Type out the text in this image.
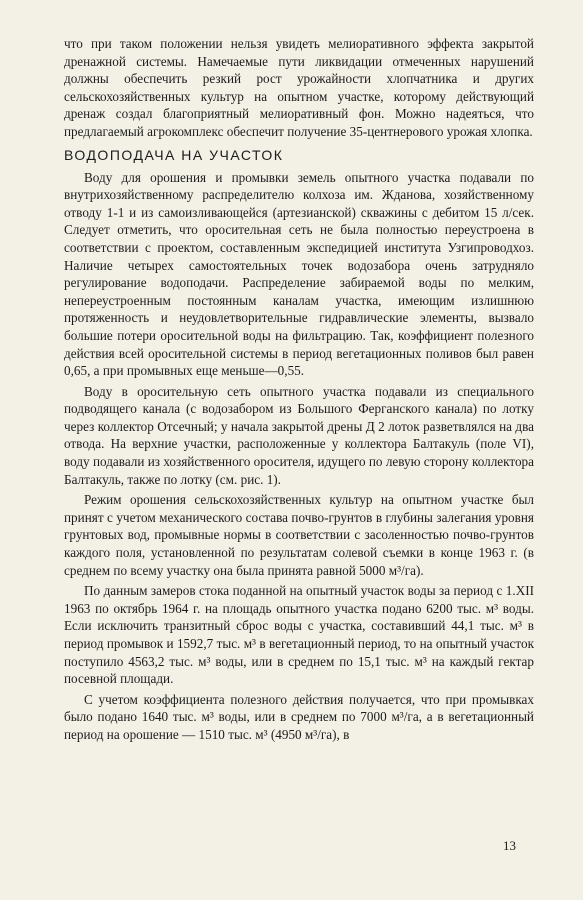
что при таком положении нельзя увидеть мелиоративного эффекта закрытой дренажной системы. Намечаемые пути ликвидации отмеченных нарушений должны обеспечить резкий рост урожайности хлопчатника и других сельскохозяйственных культур на опытном участке, которому действующий дренаж создал благоприятный мелиоративный фон. Можно надеяться, что предлагаемый агрокомплекс обеспечит получение 35-центнерового урожая хлопка.

ВОДОПОДАЧА НА УЧАСТОК

Воду для орошения и промывки земель опытного участка подавали по внутрихозяйственному распределителю колхоза им. Жданова, хозяйственному отводу 1-1 и из самоизливающейся (артезианской) скважины с дебитом 15 л/сек. Следует отметить, что оросительная сеть не была полностью переустроена в соответствии с проектом, составленным экспедицией института Узгипроводхоз. Наличие четырех самостоятельных точек водозабора очень затрудняло регулирование водоподачи. Распределение забираемой воды по мелким, непереустроенным постоянным каналам участка, имеющим излишнюю протяженность и неудовлетворительные гидравлические элементы, вызвало большие потери оросительной воды на фильтрацию. Так, коэффициент полезного действия всей оросительной системы в период вегетационных поливов был равен 0,65, а при промывных еще меньше—0,55.

Воду в оросительную сеть опытного участка подавали из специального подводящего канала (с водозабором из Большого Ферганского канала) по лотку через коллектор Отсечный; у начала закрытой дрены Д 2 лоток разветвлялся на два отвода. На верхние участки, расположенные у коллектора Балтакуль (поле VI), воду подавали из хозяйственного оросителя, идущего по левую сторону коллектора Балтакуль, также по лотку (см. рис. 1).

Режим орошения сельскохозяйственных культур на опытном участке был принят с учетом механического состава почво-грунтов в глубины залегания уровня грунтовых вод, промывные нормы в соответствии с засоленностью почво-грунтов каждого поля, установленной по результатам солевой съемки в конце 1963 г. (в среднем по всему участку она была принята равной 5000 м³/га).

По данным замеров стока поданной на опытный участок воды за период с 1.XII 1963 по октябрь 1964 г. на площадь опытного участка подано 6200 тыс. м³ воды. Если исключить транзитный сброс воды с участка, составивший 44,1 тыс. м³ в период промывок и 1592,7 тыс. м³ в вегетационный период, то на опытный участок поступило 4563,2 тыс. м³ воды, или в среднем по 15,1 тыс. м³ на каждый гектар посевной площади.

С учетом коэффициента полезного действия получается, что при промывках было подано 1640 тыс. м³ воды, или в среднем по 7000 м³/га, а в вегетационный период на орошение — 1510 тыс. м³ (4950 м³/га), в

13
